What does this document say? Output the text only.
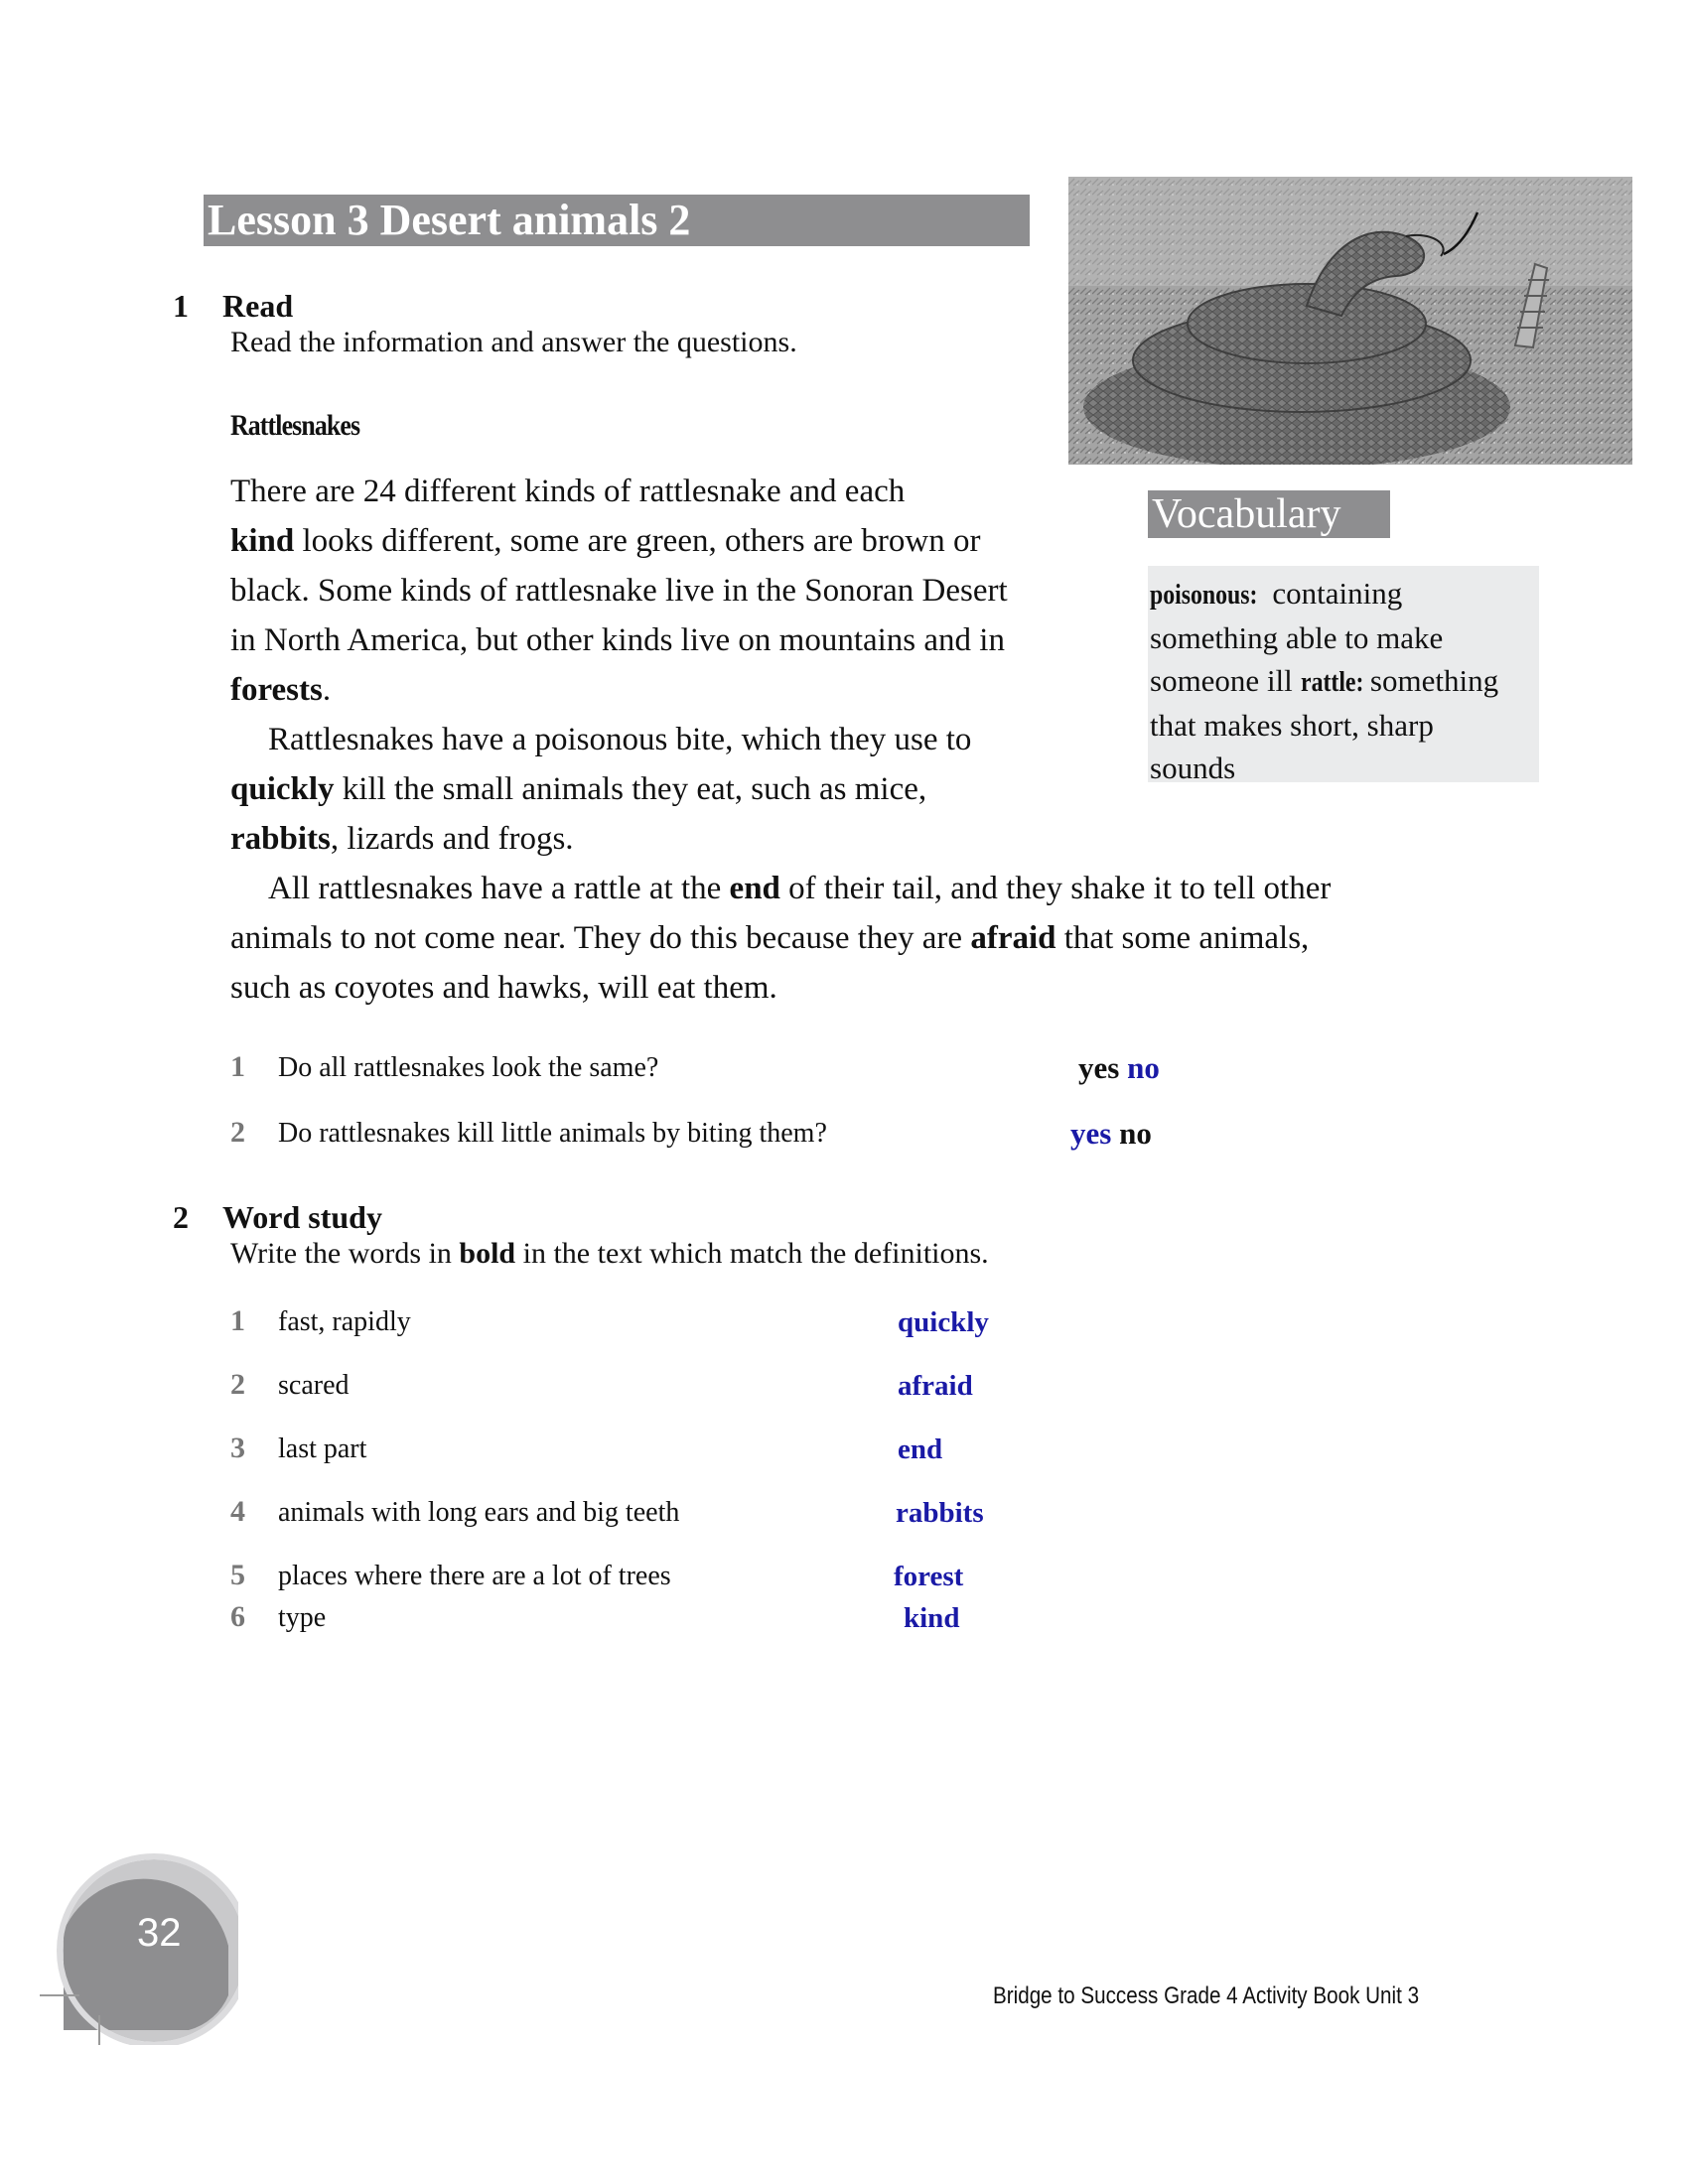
Lesson 3 Desert animals 2
1 Read
Read the information and answer the questions.
Rattlesnakes

There are 24 different kinds of rattlesnake and each

kind looks different, some are green, others are brown or

black. Some kinds of rattlesnake live in the Sonoran Desert

in North America, but other kinds live on mountains and in

forests.

Rattlesnakes have a poisonous bite, which they use to

quickly kill the small animals they eat, such as mice,

rabbits, lizards and frogs.

All rattlesnakes have a rattle at the end of their tail, and they shake it to tell other

animals to not come near. They do this because they are afraid that some animals,

such as coyotes and hawks, will eat them.

Vocabulary
poisonous: containing
something able to make
someone ill rattle: something
that makes short, sharp
sounds
1 Do all rattlesnakes look the same?	yes no
2 Do rattlesnakes kill little animals by biting them?	yes no
2 Word study
Write the words in bold in the text which match the definitions.
1 fast, rapidly	quickly
2 scared	afraid
3 last part	end
4 animals with long ears and big teeth	rabbits
5 places where there are a lot of trees	forest
6 type	kind
32
Bridge to Success Grade 4 Activity Book Unit 3
